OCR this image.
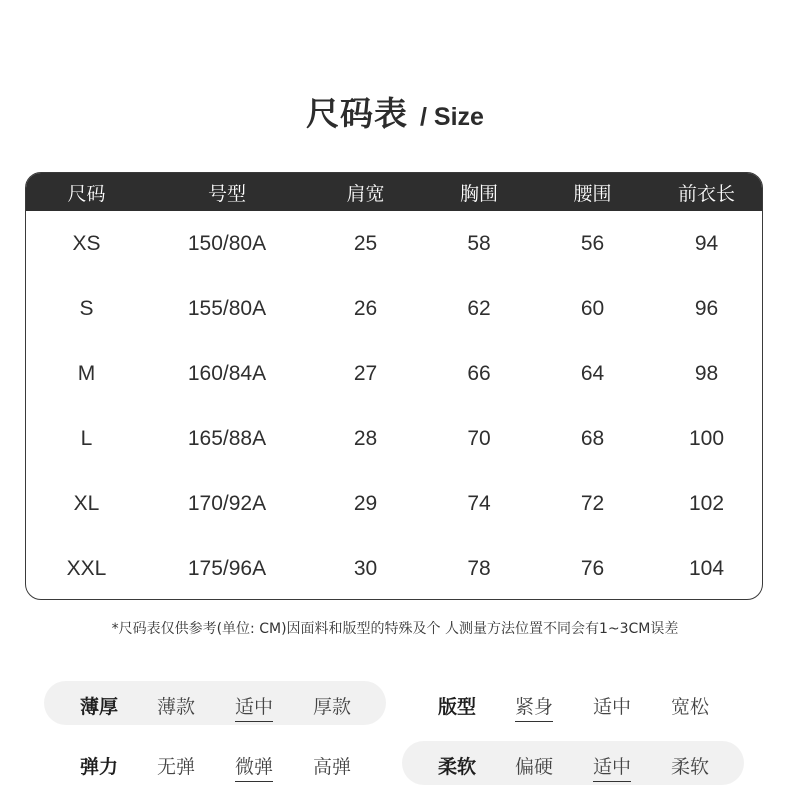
尺码表 / Size
尺码	号型	肩宽	胸围	腰围	前衣长
XS	150/80A	25	58	56	94
S	155/80A	26	62	60	96
M	160/84A	27	66	64	98
L	165/88A	28	70	68	100
XL	170/92A	29	74	72	102
XXL	175/96A	30	78	76	104
*尺码表仅供参考(单位: CM)因面料和版型的特殊及个 人测量方法位置不同会有1~3CM误差
薄厚 薄款 适中 厚款	版型 紧身 适中 宽松
弹力 无弹 微弹 高弹	柔软 偏硬 适中 柔软
